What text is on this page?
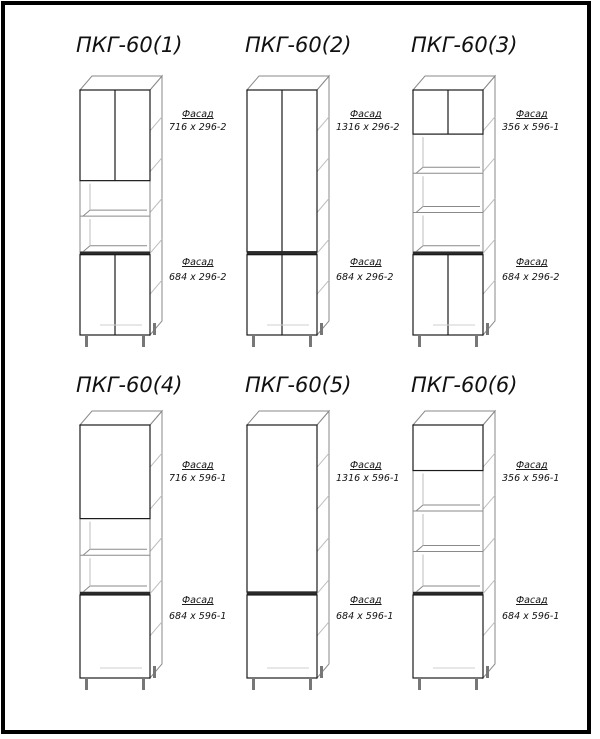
ПКГ-60(1)
Фасад
716 x 296-2
Фасад
684 x 296-2
ПКГ-60(2)
Фасад
1316 x 296-2
Фасад
684 x 296-2
ПКГ-60(3)
Фасад
356 x 596-1
Фасад
684 x 296-2
ПКГ-60(4)
Фасад
716 x 596-1
Фасад
684 x 596-1
ПКГ-60(5)
Фасад
1316 x 596-1
Фасад
684 x 596-1
ПКГ-60(6)
Фасад
356 x 596-1
Фасад
684 x 596-1
